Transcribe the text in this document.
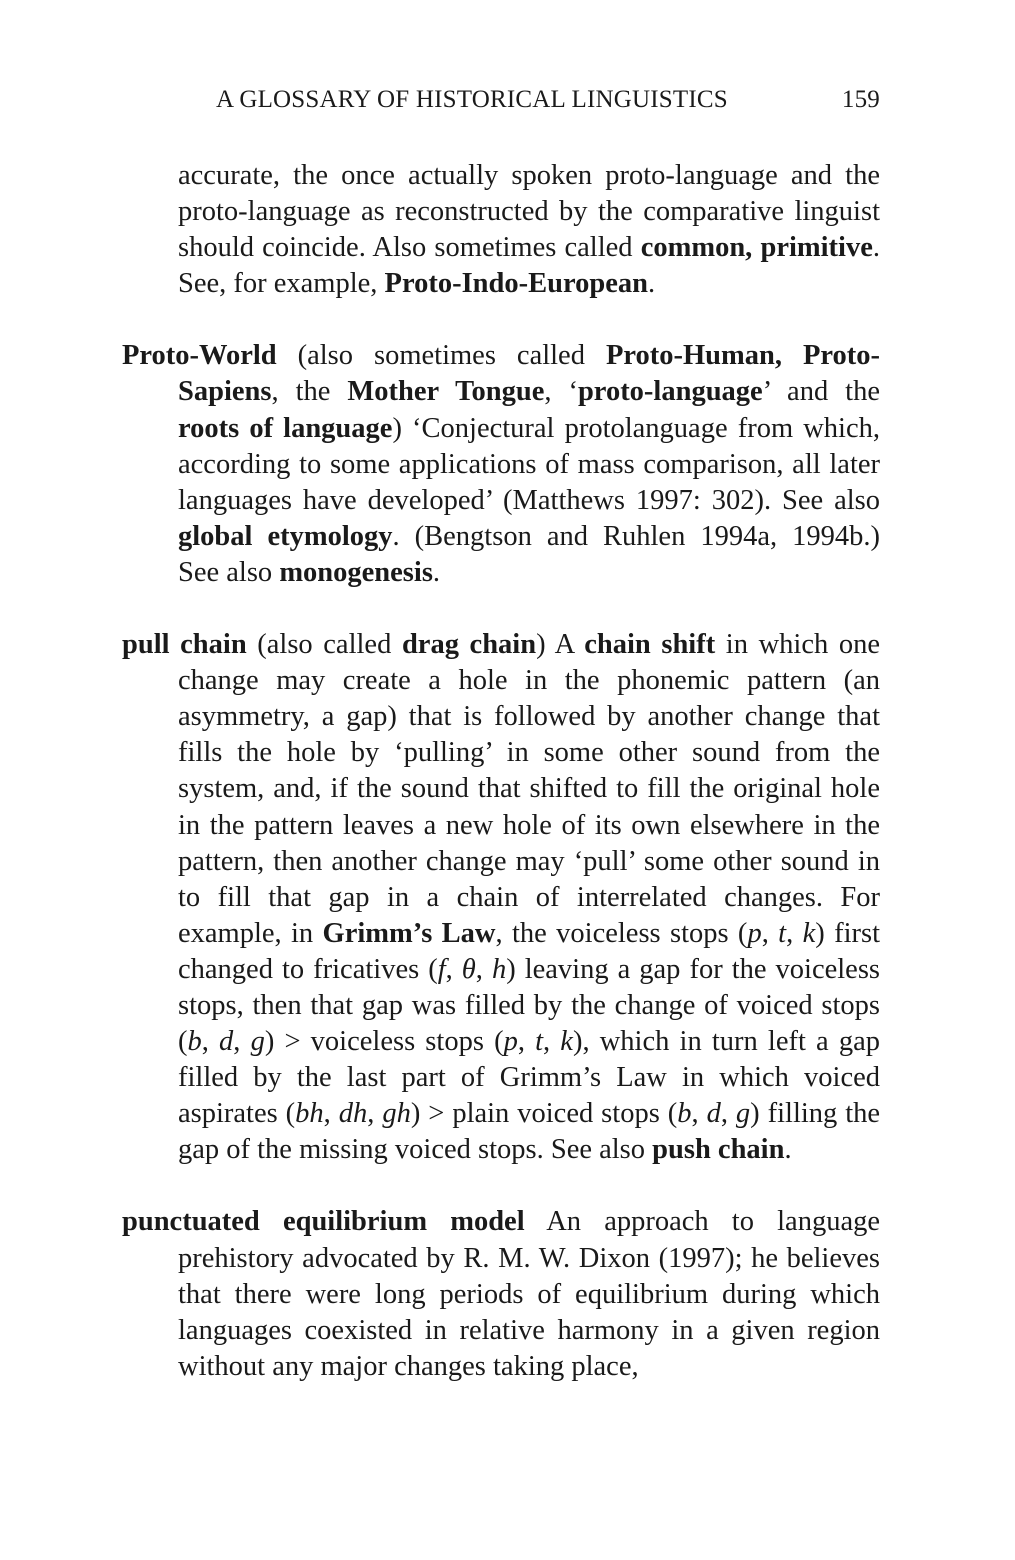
A GLOSSARY OF HISTORICAL LINGUISTICS	159

accurate, the once actually spoken proto-language and the proto-language as reconstructed by the comparative linguist should coincide. Also sometimes called common, primitive. See, for example, Proto-Indo-European.

Proto-World (also sometimes called Proto-Human, Proto-Sapiens, the Mother Tongue, ‘proto-language’ and the roots of language) ‘Conjectural protolanguage from which, according to some applications of mass comparison, all later languages have developed’ (Matthews 1997: 302). See also global etymology. (Bengtson and Ruhlen 1994a, 1994b.) See also monogenesis.

pull chain (also called drag chain) A chain shift in which one change may create a hole in the phonemic pattern (an asymmetry, a gap) that is followed by another change that fills the hole by ‘pulling’ in some other sound from the system, and, if the sound that shifted to fill the original hole in the pattern leaves a new hole of its own elsewhere in the pattern, then another change may ‘pull’ some other sound in to fill that gap in a chain of interrelated changes. For example, in Grimm’s Law, the voiceless stops (p, t, k) first changed to fricatives (f, θ, h) leaving a gap for the voiceless stops, then that gap was filled by the change of voiced stops (b, d, g) > voiceless stops (p, t, k), which in turn left a gap filled by the last part of Grimm’s Law in which voiced aspirates (bh, dh, gh) > plain voiced stops (b, d, g) filling the gap of the missing voiced stops. See also push chain.

punctuated equilibrium model An approach to language prehistory advocated by R. M. W. Dixon (1997); he believes that there were long periods of equilibrium during which languages coexisted in relative harmony in a given region without any major changes taking place,
